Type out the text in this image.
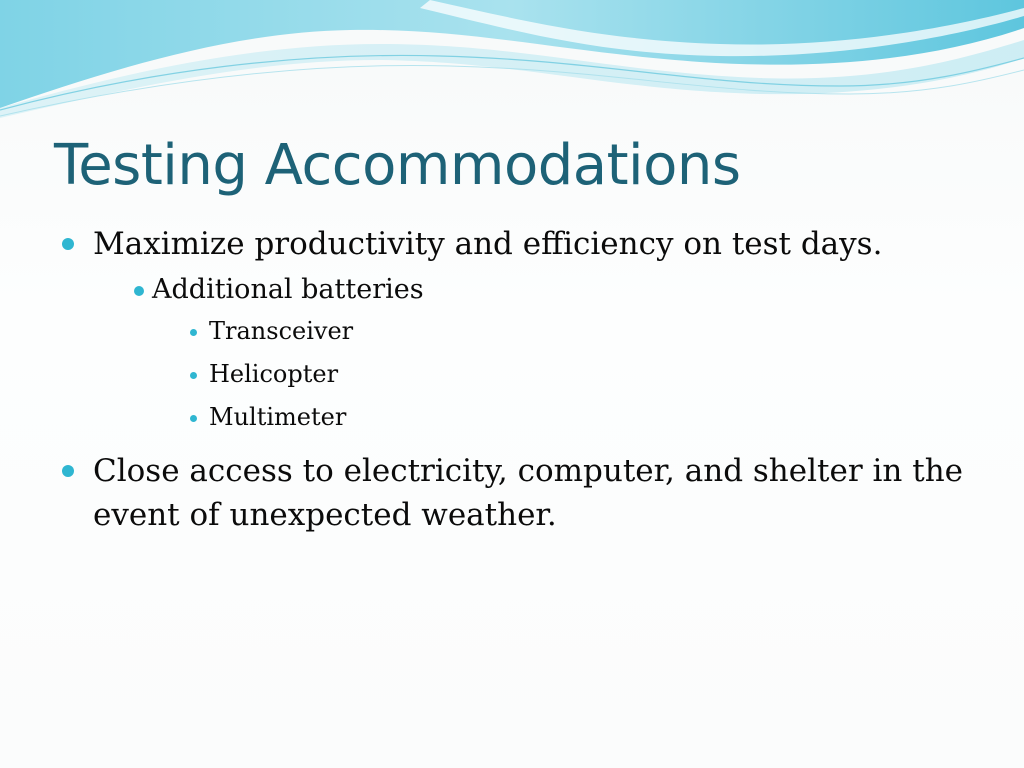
Testing Accommodations
Maximize productivity and efficiency on test days.
Additional batteries
Transceiver
Helicopter
Multimeter
Close access to electricity, computer, and shelter in the event of unexpected weather.
